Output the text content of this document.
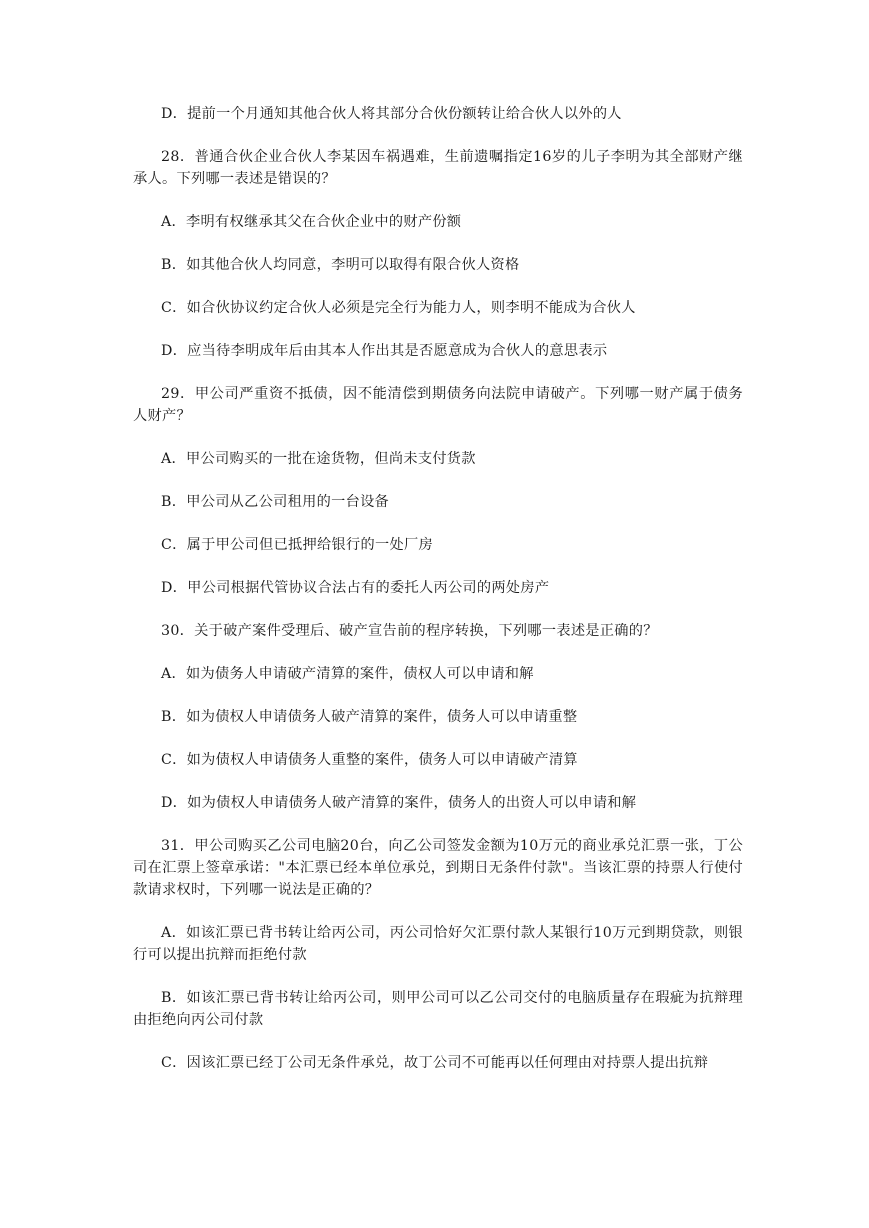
D．提前一个月通知其他合伙人将其部分合伙份额转让给合伙人以外的人

28．普通合伙企业合伙人李某因车祸遇难，生前遗嘱指定16岁的儿子李明为其全部财产继承人。下列哪一表述是错误的？

A．李明有权继承其父在合伙企业中的财产份额

B．如其他合伙人均同意，李明可以取得有限合伙人资格

C．如合伙协议约定合伙人必须是完全行为能力人，则李明不能成为合伙人

D．应当待李明成年后由其本人作出其是否愿意成为合伙人的意思表示

29．甲公司严重资不抵债，因不能清偿到期债务向法院申请破产。下列哪一财产属于债务人财产？

A．甲公司购买的一批在途货物，但尚未支付货款

B．甲公司从乙公司租用的一台设备

C．属于甲公司但已抵押给银行的一处厂房

D．甲公司根据代管协议合法占有的委托人丙公司的两处房产

30．关于破产案件受理后、破产宣告前的程序转换，下列哪一表述是正确的？

A．如为债务人申请破产清算的案件，债权人可以申请和解

B．如为债权人申请债务人破产清算的案件，债务人可以申请重整

C．如为债权人申请债务人重整的案件，债务人可以申请破产清算

D．如为债权人申请债务人破产清算的案件，债务人的出资人可以申请和解

31．甲公司购买乙公司电脑20台，向乙公司签发金额为10万元的商业承兑汇票一张，丁公司在汇票上签章承诺："本汇票已经本单位承兑，到期日无条件付款"。当该汇票的持票人行使付款请求权时，下列哪一说法是正确的？

A．如该汇票已背书转让给丙公司，丙公司恰好欠汇票付款人某银行10万元到期贷款，则银行可以提出抗辩而拒绝付款

B．如该汇票已背书转让给丙公司，则甲公司可以乙公司交付的电脑质量存在瑕疵为抗辩理由拒绝向丙公司付款

C．因该汇票已经丁公司无条件承兑，故丁公司不可能再以任何理由对持票人提出抗辩
